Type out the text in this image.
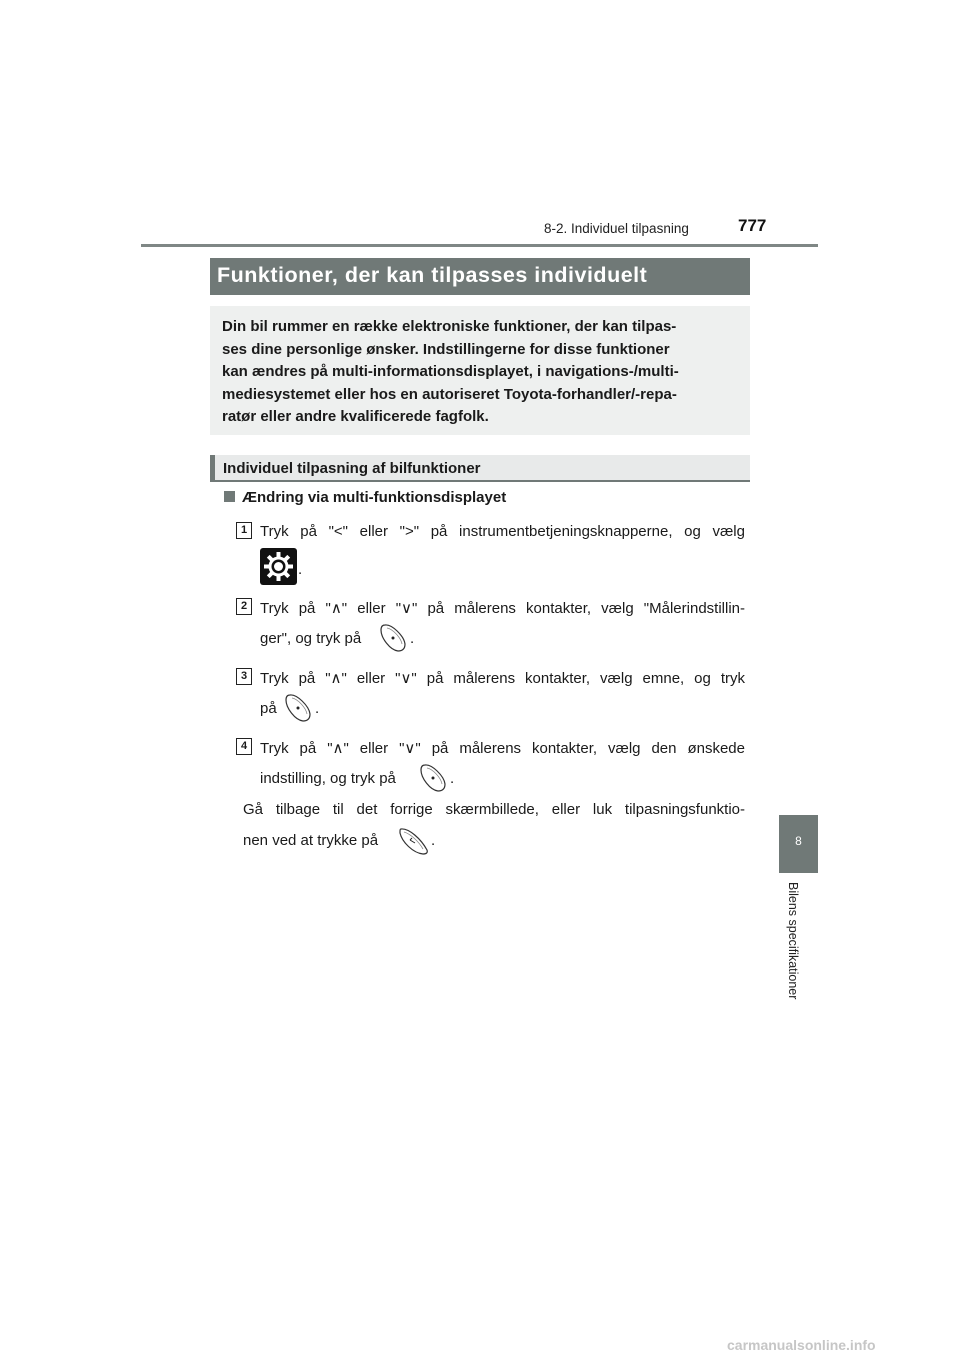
8-2. Individuel tilpasning	777
Funktioner, der kan tilpasses individuelt

Din bil rummer en række elektroniske funktioner, der kan tilpas-

ses dine personlige ønsker. Indstillingerne for disse funktioner

kan ændres på multi-informationsdisplayet, i navigations-/multi-

mediesystemet eller hos en autoriseret Toyota-forhandler/-repa-

ratør eller andre kvalificerede fagfolk.

Individuel tilpasning af bilfunktioner
Ændring via multi-funktionsdisplayet
1 Tryk på "<" eller ">" på instrumentbetjeningsknapperne, og vælg
.
2 Tryk på "∧" eller "∨" på målerens kontakter, vælg "Målerindstillin-
ger", og tryk på	.
3 Tryk på "∧" eller "∨" på målerens kontakter, vælg emne, og tryk
på	.
4 Tryk på "∧" eller "∨" på målerens kontakter, vælg den ønskede
indstilling, og tryk på	.
Gå tilbage til det forrige skærmbillede, eller luk tilpasningsfunktio-
nen ved at trykke på	.	8
Bilens specifikationer
carmanualsonline.info
